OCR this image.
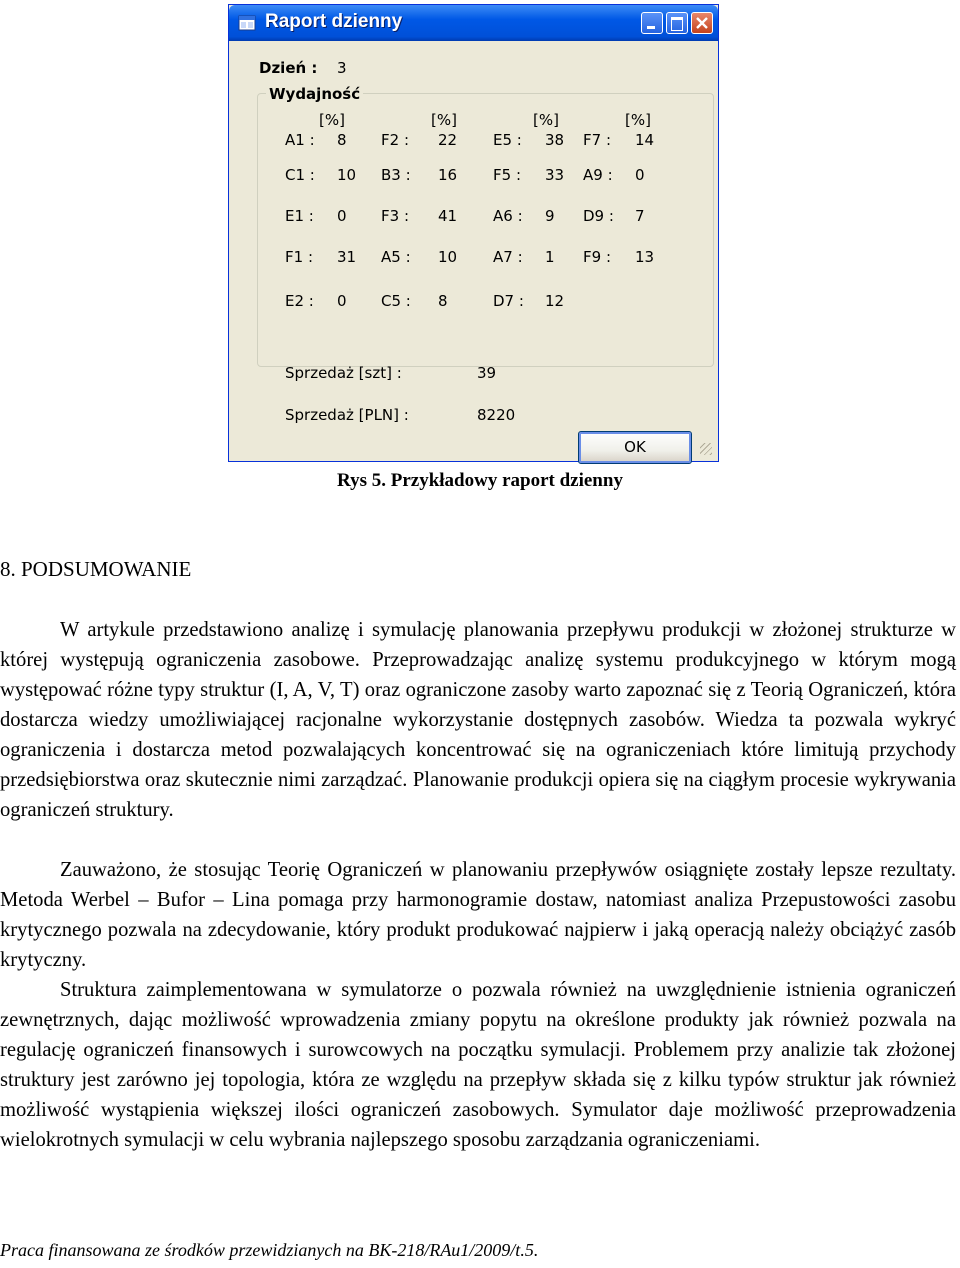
Raport dzienny
Dzień : 3
Wydajność
[%]
A1 : 8
C1 : 10
E1 : 0
F1 : 31
E2 : 0
[%]
F2 : 22
B3 : 16
F3 : 41
A5 : 10
C5 : 8
[%]
E5 : 38
F5 : 33
A6 : 9
A7 : 1
D7 : 12
[%]
F7 : 14
A9 : 0
D9 : 7
F9 : 13
Sprzedaż [szt] :	39
Sprzedaż [PLN] :	8220
OK
Rys 5. Przykładowy raport dzienny
8. PODSUMOWANIE

W artykule przedstawiono analizę i symulację planowania przepływu produkcji w złożonej strukturze w której występują ograniczenia zasobowe. Przeprowadzając analizę systemu produkcyjnego w którym mogą występować różne typy struktur (I, A, V, T) oraz ograniczone zasoby warto zapoznać się z Teorią Ograniczeń, która dostarcza wiedzy umożliwiającej racjonalne wykorzystanie dostępnych zasobów. Wiedza ta pozwala wykryć ograniczenia i dostarcza metod pozwalających koncentrować się na ograniczeniach które limitują przychody przedsiębiorstwa oraz skutecznie nimi zarządzać. Planowanie produkcji opiera się na ciągłym procesie wykrywania ograniczeń struktury.

Zauważono, że stosując Teorię Ograniczeń w planowaniu przepływów osiągnięte zostały lepsze rezultaty. Metoda Werbel – Bufor – Lina pomaga przy harmonogramie dostaw, natomiast analiza Przepustowości zasobu krytycznego pozwala na zdecydowanie, który produkt produkować najpierw i jaką operacją należy obciążyć zasób krytyczny.

Struktura zaimplementowana w symulatorze o pozwala również na uwzględnienie istnienia ograniczeń zewnętrznych, dając możliwość wprowadzenia zmiany popytu na określone produkty jak również pozwala na regulację ograniczeń finansowych i surowcowych na początku symulacji. Problemem przy analizie tak złożonej struktury jest zarówno jej topologia, która ze względu na przepływ składa się z kilku typów struktur jak również możliwość wystąpienia większej ilości ograniczeń zasobowych. Symulator daje możliwość przeprowadzenia wielokrotnych symulacji w celu wybrania najlepszego sposobu zarządzania ograniczeniami.

Praca finansowana ze środków przewidzianych na BK-218/RAu1/2009/t.5.
